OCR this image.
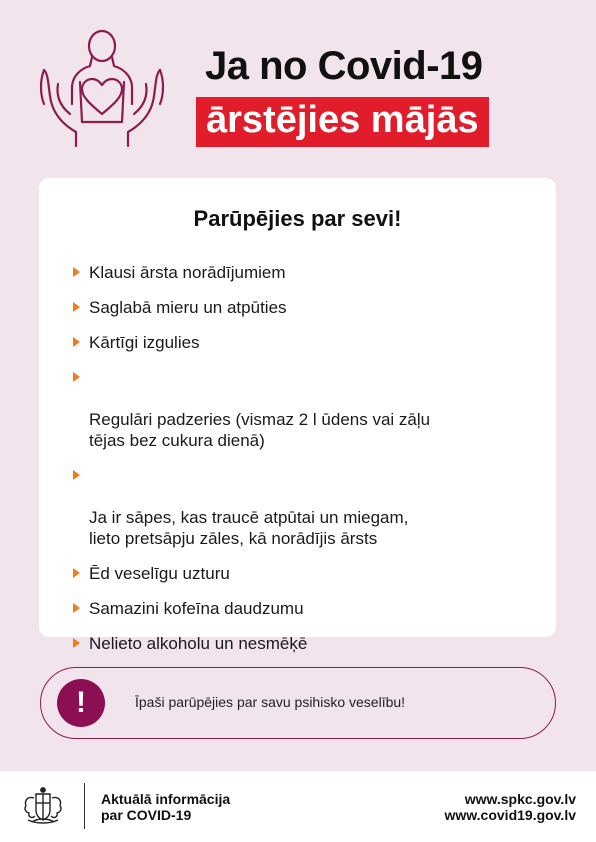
Ja no Covid-19
ārstējies mājās
Parūpējies par sevi!
Klausi ārsta norādījumiem
Saglabā mieru un atpūties
Kārtīgi izgulies

Regulāri padzeries (vismaz 2 l ūdens vai zāļu
tējas bez cukura dienā)

Ja ir sāpes, kas traucē atpūtai un miegam,
lieto pretsāpju zāles, kā norādījis ārsts

Ēd veselīgu uzturu
Samazini kofeīna daudzumu
Nelieto alkoholu un nesmēķē
!	Īpaši parūpējies par savu psihisko veselību!
Aktuālā informācija
par COVID-19
www.spkc.gov.lv
www.covid19.gov.lv
